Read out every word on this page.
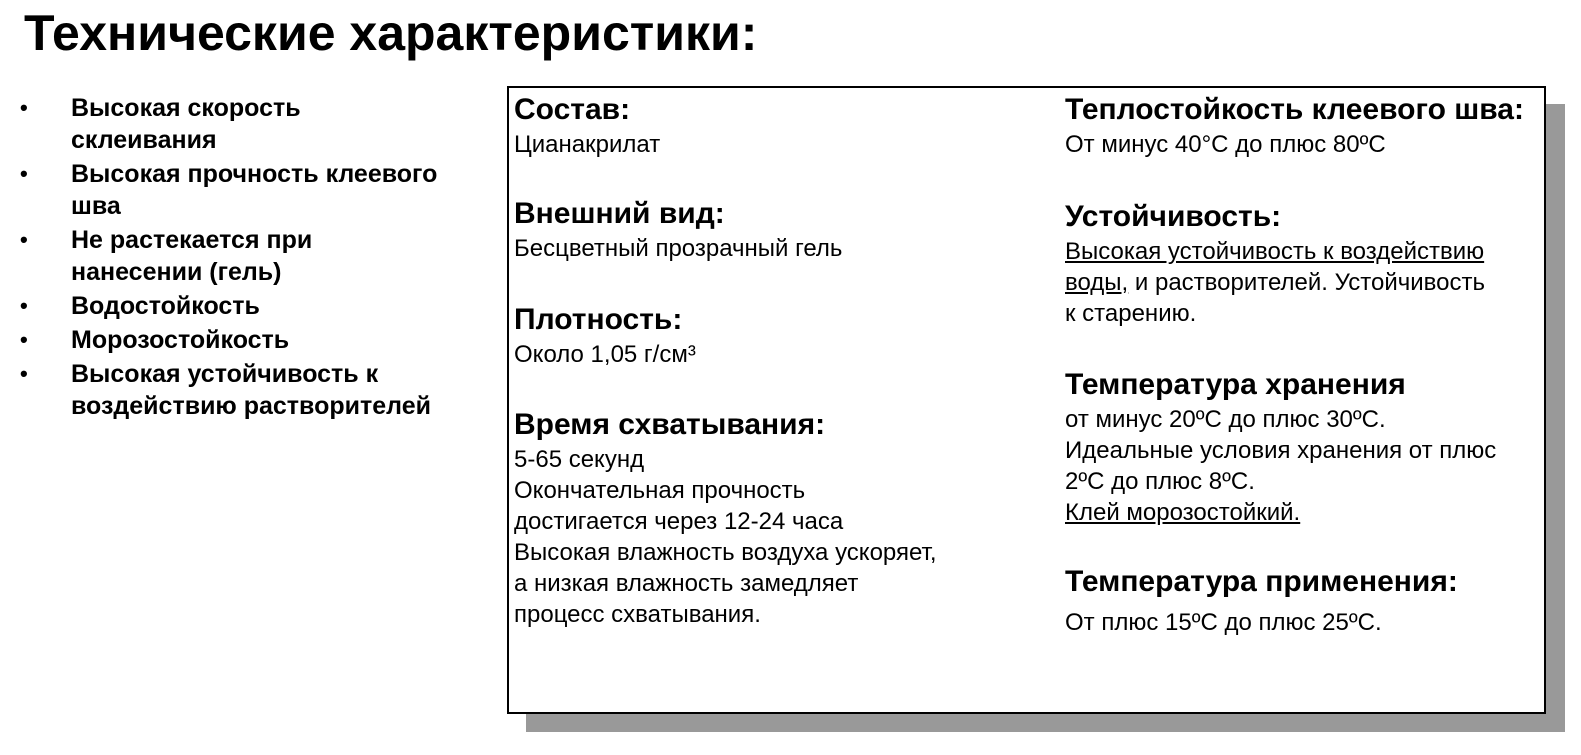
Технические характеристики:
•	Высокая скорость склеивания
•	Высокая прочность клеевого шва
•	Не растекается при нанесении (гель)
•	Водостойкость
•	Морозостойкость
•	Высокая устойчивость к воздействию растворителей
Состав:

Цианакрилат

Внешний вид:

Бесцветный прозрачный гель

Плотность:

Около 1,05 г/см³

Время схватывания:

5-65 секунд

Окончательная прочность достигается через 12-24 часа

Высокая влажность воздуха ускоряет, а низкая влажность замедляет процесс схватывания.

Теплостойкость клеевого шва:

От минус 40°С до плюс 80ºС

Устойчивость:

Высокая устойчивость к воздействию воды, и растворителей. Устойчивость к старению.

Температура хранения

от минус 20ºС до плюс 30ºС.

Идеальные условия хранения от плюс 2ºС до плюс 8ºС.

Клей морозостойкий.

Температура применения:

От плюс 15ºС до плюс 25ºС.
